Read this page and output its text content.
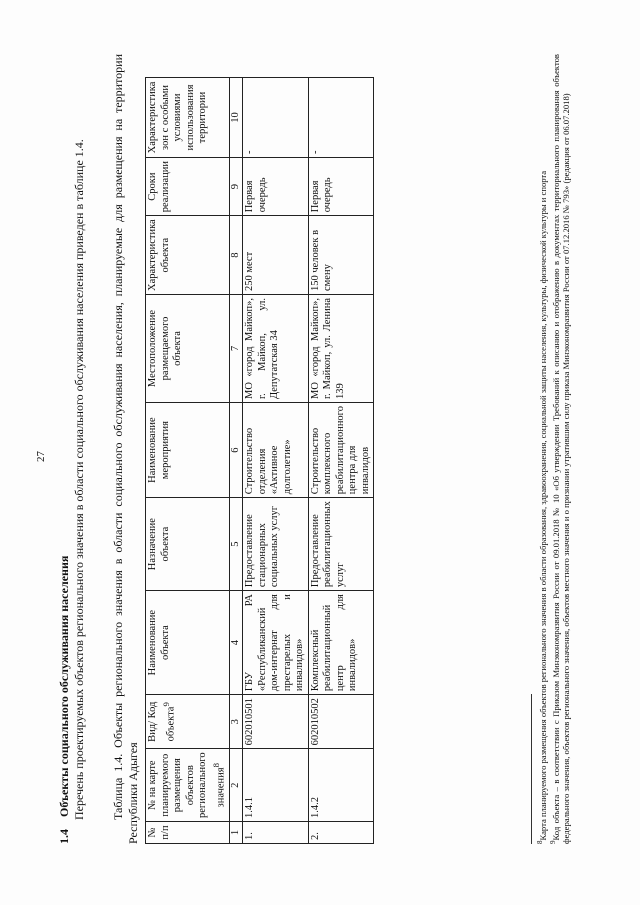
27
1.4 Объекты социального обслуживания населения Перечень проектируемых объектов регионального значения в области социального обслуживания населения приведен в таблице 1.4. Таблица 1.4. Объекты регионального значения в области социального обслуживания населения, планируемые для размещения на территории Республики Адыгея № п/п	№ на карте планируемого размещения объектов регионального значения$^8$	Вид/ Код объекта$^9$	Наименование объекта	Назначение объекта	Наименование мероприятия	Местоположение размещаемого объекта	Характеристика объекта	Сроки реализации	Характеристика зон с особыми условиями использования территории
1	2	3	4	5	6	7	8	9	10
1.	1.4.1	602010501	ГБУ РА «Республиканский дом-интернат для престарелых и инвалидов»	Предоставление стационарных социальных услуг	Строительство отделения «Активное долголетие»	МО «город Майкоп», г. Майкоп, ул. Депутатская 34	250 мест	Первая очередь	-
2.	1.4.2	602010502	Комплексный реабилитационный центр для инвалидов»	Предоставление реабилитационных услуг	Строительство комплексного реабилитационного центра для инвалидов	МО «город Майкоп», г. Майкоп, ул. Ленина 139	150 человек в смену	Первая очередь	-

$^8$Карта планируемого размещения объектов регионального значения в области образования, здравоохранения, социальной защиты населения, культуры, физической культуры и спорта

$^9$Код объекта – в соответствии с Приказом Минэкономразвития России от 09.01.2018 № 10 «Об утверждении Требований к описанию и отображению в документах территориального планирования объектов федерального значения, объектов регионального значения, объектов местного значения и о признании утратившим силу приказа Минэкономразвития России от 07.12.2016 № 793» (редакция от 06.07.2018)
